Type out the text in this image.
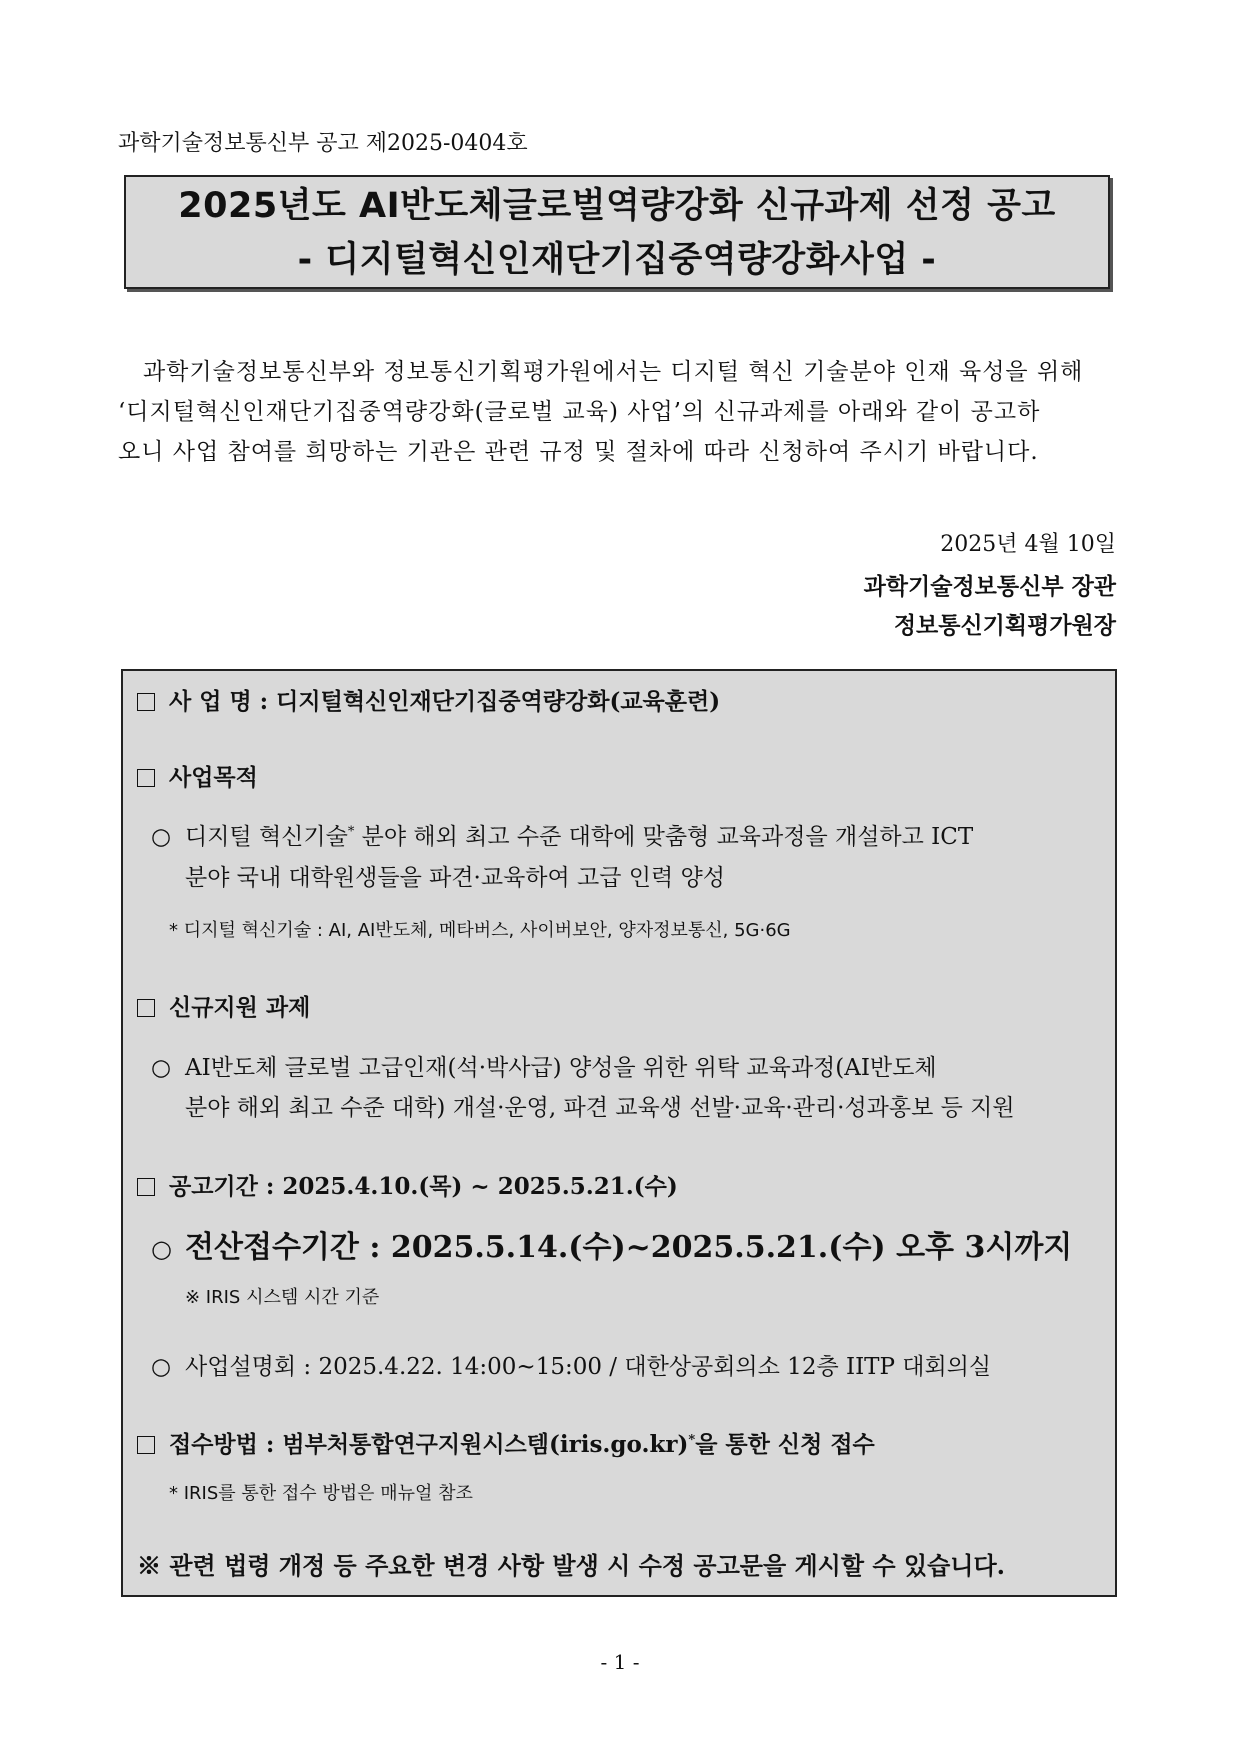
과학기술정보통신부 공고 제2025-0404호
2025년도 AI반도체글로벌역량강화 신규과제 선정 공고
- 디지털혁신인재단기집중역량강화사업 -

과학기술정보통신부와 정보통신기획평가원에서는 디지털 혁신 기술분야 인재 육성을 위해

‘디지털혁신인재단기집중역량강화(글로벌 교육) 사업’의 신규과제를 아래와 같이 공고하

오니 사업 참여를 희망하는 기관은 관련 규정 및 절차에 따라 신청하여 주시기 바랍니다.

2025년 4월 10일
과학기술정보통신부 장관
정보통신기획평가원장
사 업 명 : 디지털혁신인재단기집중역량강화(교육훈련)
사업목적
○ 디지털 혁신기술* 분야 해외 최고 수준 대학에 맞춤형 교육과정을 개설하고 ICT
분야 국내 대학원생들을 파견·교육하여 고급 인력 양성
* 디지털 혁신기술 : AI, AI반도체, 메타버스, 사이버보안, 양자정보통신, 5G·6G
신규지원 과제
○ AI반도체 글로벌 고급인재(석·박사급) 양성을 위한 위탁 교육과정(AI반도체
분야 해외 최고 수준 대학) 개설·운영, 파견 교육생 선발·교육·관리·성과홍보 등 지원
공고기간 : 2025.4.10.(목) ~ 2025.5.21.(수)
○ 전산접수기간 : 2025.5.14.(수)~2025.5.21.(수) 오후 3시까지
※ IRIS 시스템 시간 기준
○ 사업설명회 : 2025.4.22. 14:00~15:00 / 대한상공회의소 12층 IITP 대회의실
접수방법 : 범부처통합연구지원시스템(iris.go.kr)*을 통한 신청 접수
* IRIS를 통한 접수 방법은 매뉴얼 참조
※ 관련 법령 개정 등 주요한 변경 사항 발생 시 수정 공고문을 게시할 수 있습니다.
- 1 -
